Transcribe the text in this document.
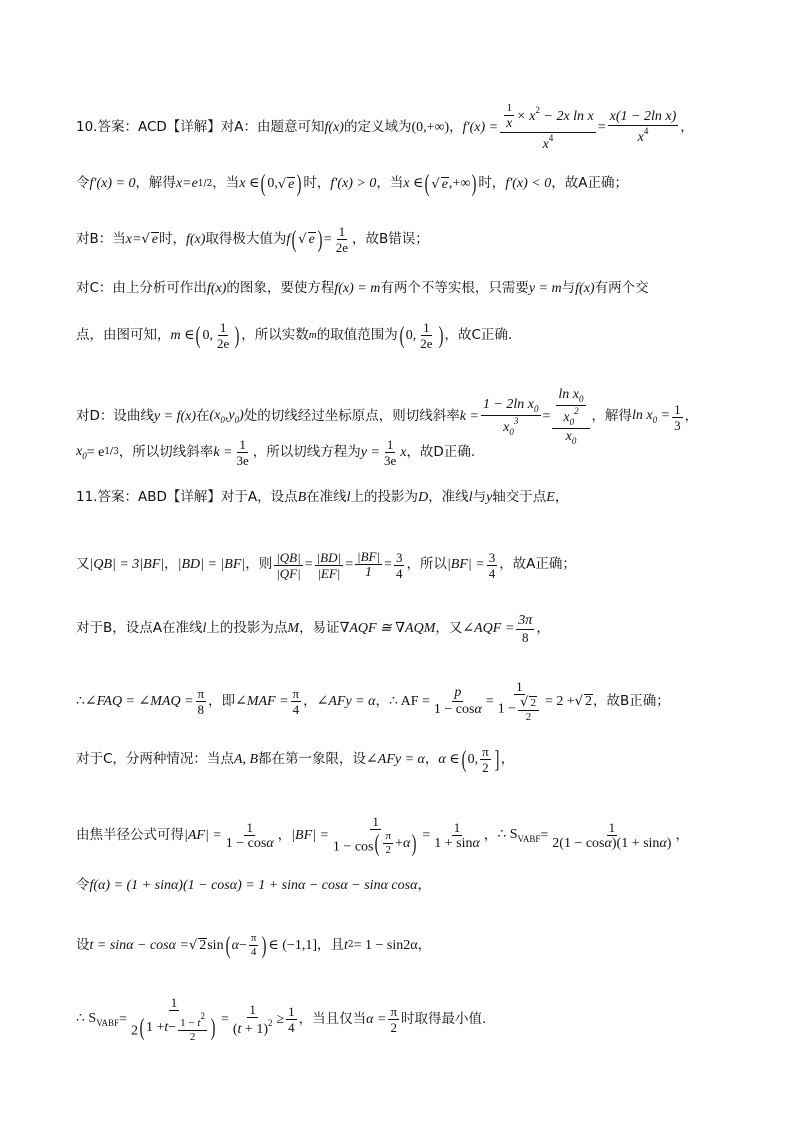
10.答案：ACD【详解】对A：由题意可知 f(x) 的定义域为 (0,+∞) ， $f'(x) = \frac{\frac{1}{x} \times x^2 - 2x \ln x}{x^4} = \frac{\text{x(1 − 2ln x)}}{x^4}$ ，
令 f′(x) = 0 ，解得 x=e 1/2 ，当 x ∈ ( 0, √ e ) 时， f′(x) > 0 ，当 x ∈ ( √ e ,+∞ ) 时， f′(x) < 0 ，故A正确；
对B：当 x= √ e 时， f(x) 取得极大值为 f ( √ e ) = $\frac{1}{2e}$ ，故B错误；
对C：由上分析可作出 f(x) 的图象，要使方程 f(x) = m 有两个不等实根，只需要 y = m 与 f(x) 有两个交
点，由图可知， m ∈ ( 0, $\frac{1}{2e}$ ) ，所以实数 m 的取值范围为 ( 0, $\frac{1}{2e}$ ) ，故C正确.
对D：设曲线 y = f(x) 在 $(x_0,y_0)$ 处的切线经过坐标原点，则切线斜率 $k = \frac{1 - 2\ln x_0}{x_0^3} = \frac{\frac{\ln x_0}{x_0^2}}{x_0}$ ，解得 $\ln x_0 = \frac{1}{3}$ ，
$x_0 = e$ 1/3 ，所以切线斜率 $k = \frac{1}{3e}$ ，所以切线方程为 $y = \frac{1}{3e}$ x ，故D正确.
11.答案：ABD【详解】对于A，设点 B 在准线 l 上的投影为 D ，准线 l 与 y 轴交于点 E ，
又 |QB| = 3|BF| ， |BD| = |BF| ，则 $\frac{|QB|}{|QF|} = \frac{|BD|}{|EF|} = \frac{|BF|}{1} = \frac{3}{4}$ ，所以 $|BF| = \frac{3}{4}$ ，故A正确；
对于B，设点A在准线 l 上的投影为点 M ，易证 ∇AQF ≅ ∇AQM ，又 ∠AQF = $\frac{3\pi}{8}$ ，
∴ ∠FAQ = ∠MAQ = $\frac{\pi}{8}$ ，即 ∠MAF = $\frac{\pi}{4}$ ， ∠AFy = α ， ∴ AF = $\frac{p}{1 - \cos\alpha} = \frac{1}{1 - \frac{√ 2}{2}} = 2$ + √ 2 ，故B正确；
对于C，分两种情况：当点 A, B 都在第一象限，设 ∠AFy = α ， α ∈ ( 0, $\frac{\pi}{2}$ ] ，
由焦半径公式可得 $|AF| = \frac{1}{1 - \cos\alpha}$ ， $|BF| = \frac{1}{1 - \cos ( \frac{\pi}{2} + \alpha )} = \frac{1}{1 + \sin\alpha}$ ， ∴ $S_{VABF} = \frac{1}{2(1 - \cos\alpha)(1 + \sin\alpha)}$ ，
令 f(α) = (1 + sinα)(1 − cosα) = 1 + sinα − cosα − sinα cosα ，
设 t = sinα − cosα = √ 2 sin ( $\alpha - \frac{\pi}{4}$ ) ∈ (−1,1] ，且 t 2 = 1 − sin2α ，
∴ $S_{VABF} = \frac{1}{2 ( 1 + t - \frac{1 - t^2}{2} )} = \frac{1}{(t + 1)^2} \ge \frac{1}{4}$ ，当且仅当 $\alpha = \frac{\pi}{2}$ 时取得最小值.
